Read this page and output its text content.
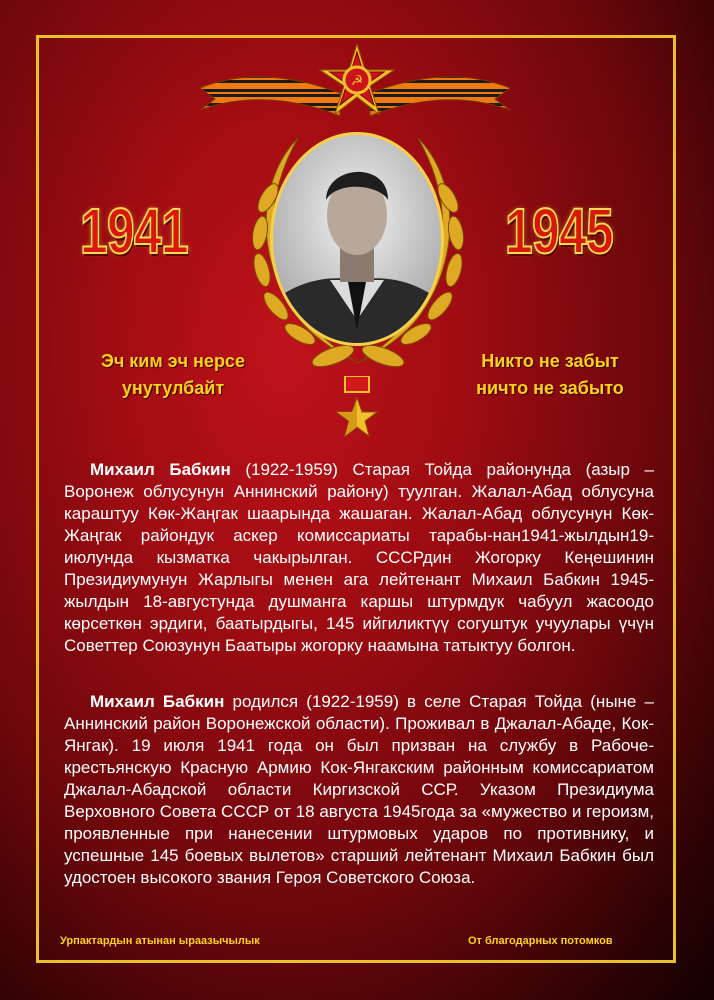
☭
1941	1945
Эч ким эч нерсе
унутулбайт
Никто не забыт
ничто не забыто

Михаил Бабкин (1922-1959) Старая Тойда районунда (азыр – Воронеж облусунун Аннинский району) туулган. Жалал-Абад облусуна караштуу Көк-Жаңгак шаарында жашаган. Жалал-Абад облусунун Көк-Жаңгак райондук аскер комиссариаты тарабы-нан1941-жылдын19-июлунда кызматка чакырылган. СССРдин Жогорку Кеңешинин Президиумунун Жарлыгы менен ага лейтенант Михаил Бабкин 1945-жылдын 18-августунда душманга каршы штурмдук чабуул жасоодо көрсеткөн эрдиги, баатырдыгы, 145 ийгиликтүү согуштук учуулары үчүн Советтер Союзунун Баатыры жогорку наамына татыктуу болгон.

Михаил Бабкин родился (1922-1959) в селе Старая Тойда (ныне – Аннинский район Воронежской области). Проживал в Джалал-Абаде, Кок-Янгак). 19 июля 1941 года он был призван на службу в Рабоче-крестьянскую Красную Армию Кок-Янгакским районным комиссариатом Джалал-Абадской области Киргизской ССР. Указом Президиума Верховного Совета СССР от 18 августа 1945года за «мужество и героизм, проявленные при нанесении штурмовых ударов по противнику, и успешные 145 боевых вылетов» старший лейтенант Михаил Бабкин был удостоен высокого звания Героя Советского Союза.

Урпактардын атынан ыраазычылык	От благодарных потомков
